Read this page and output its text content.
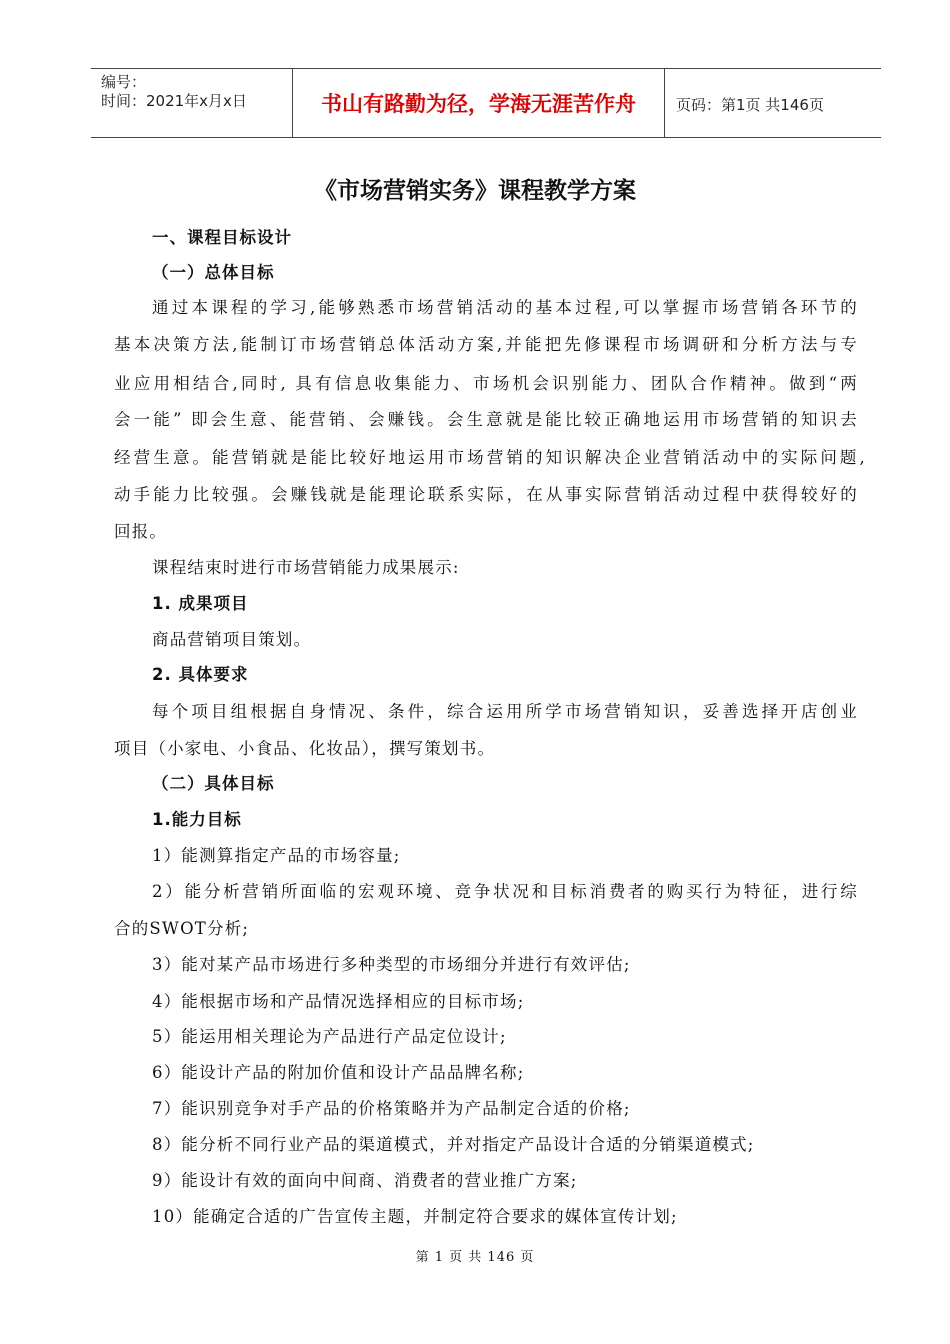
编号：
时间：2021年x月x日	书山有路勤为径，学海无涯苦作舟	页码：第1页 共146页
《市场营销实务》课程教学方案
一、课程目标设计
（一）总体目标
通过本课程的学习,能够熟悉市场营销活动的基本过程,可以掌握市场营销各环节的
基本决策方法,能制订市场营销总体活动方案,并能把先修课程市场调研和分析方法与专
业应用相结合,同时, 具有信息收集能力、市场机会识别能力、团队合作精神。做到“两
会一能” 即会生意、能营销、会赚钱。会生意就是能比较正确地运用市场营销的知识去
经营生意。能营销就是能比较好地运用市场营销的知识解决企业营销活动中的实际问题,
动手能力比较强。会赚钱就是能理论联系实际，在从事实际营销活动过程中获得较好的
回报。
课程结束时进行市场营销能力成果展示:
1. 成果项目
商品营销项目策划。
2. 具体要求
每个项目组根据自身情况、条件，综合运用所学市场营销知识，妥善选择开店创业
项目（小家电、小食品、化妆品），撰写策划书。
（二）具体目标
1.能力目标
1）能测算指定产品的市场容量;
2）能分析营销所面临的宏观环境、竞争状况和目标消费者的购买行为特征，进行综
合的SWOT分析;
3）能对某产品市场进行多种类型的市场细分并进行有效评估;
4）能根据市场和产品情况选择相应的目标市场;
5）能运用相关理论为产品进行产品定位设计;
6）能设计产品的附加价值和设计产品品牌名称;
7）能识别竞争对手产品的价格策略并为产品制定合适的价格;
8）能分析不同行业产品的渠道模式，并对指定产品设计合适的分销渠道模式;
9）能设计有效的面向中间商、消费者的营业推广方案;
10）能确定合适的广告宣传主题，并制定符合要求的媒体宣传计划;
第 1 页 共 146 页
